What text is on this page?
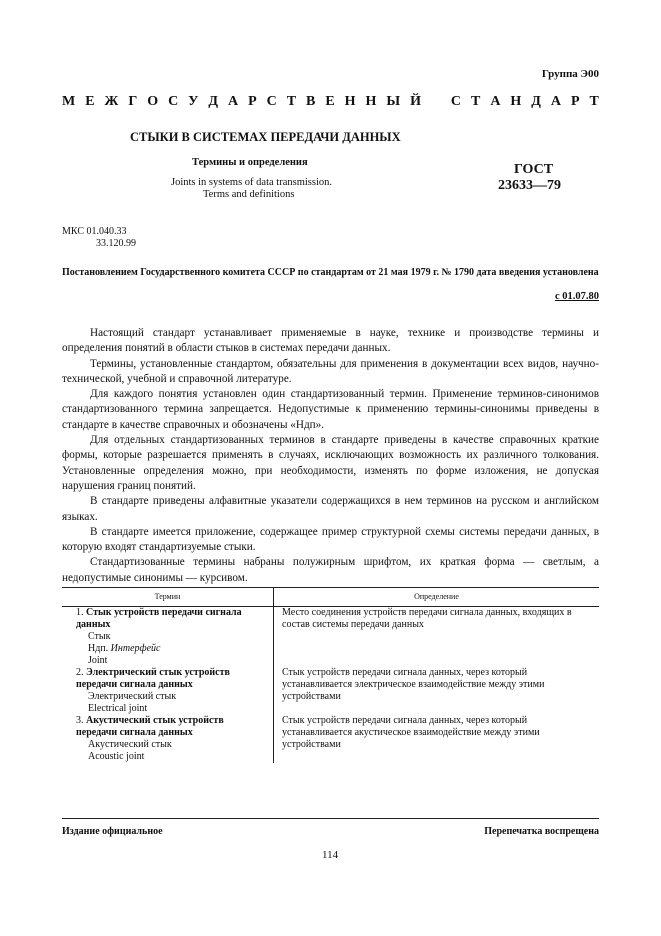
Группа Э00
М Е Ж Г О С У Д А Р С Т В Е Н Н Ы Й С Т А Н Д А Р Т
СТЫКИ В СИСТЕМАХ ПЕРЕДАЧИ ДАННЫХ
Термины и определения
Joints in systems of data transmission.
Terms and definitions
ГОСТ
23633—79
МКС 01.040.33
33.120.99
Постановлением Государственного комитета СССР по стандартам от 21 мая 1979 г. № 1790 дата введения установлена
с 01.07.80

Настоящий стандарт устанавливает применяемые в науке, технике и производстве термины и определения понятий в области стыков в системах передачи данных.

Термины, установленные стандартом, обязательны для применения в документации всех видов, научно-технической, учебной и справочной литературе.

Для каждого понятия установлен один стандартизованный термин. Применение терминов-синонимов стандартизованного термина запрещается. Недопустимые к применению термины-синонимы приведены в стандарте в качестве справочных и обозначены «Ндп».

Для отдельных стандартизованных терминов в стандарте приведены в качестве справочных краткие формы, которые разрешается применять в случаях, исключающих возможность их различного толкования. Установленные определения можно, при необходимости, изменять по форме изложения, не допуская нарушения границ понятий.

В стандарте приведены алфавитные указатели содержащихся в нем терминов на русском и английском языках.

В стандарте имеется приложение, содержащее пример структурной схемы системы передачи данных, в которую входят стандартизуемые стыки.

Стандартизованные термины набраны полужирным шрифтом, их краткая форма — светлым, а недопустимые синонимы — курсивом.

Термин	Определение

1. Стык устройств передачи сигнала данных
Стык
Ндп. Интерфейс
Joint	Место соединения устройств передачи сигнала данных, входящих в состав системы передачи данных

2. Электрический стык устройств передачи сигнала данных
Электрический стык
Electrical joint	Стык устройств передачи сигнала данных, через который устанавливается электрическое взаимодействие между этими устройствами

3. Акустический стык устройств передачи сигнала данных
Акустический стык
Acoustic joint	Стык устройств передачи сигнала данных, через который устанавливается акустическое взаимодействие между этими устройствами
Издание официальное	Перепечатка воспрещена
114
